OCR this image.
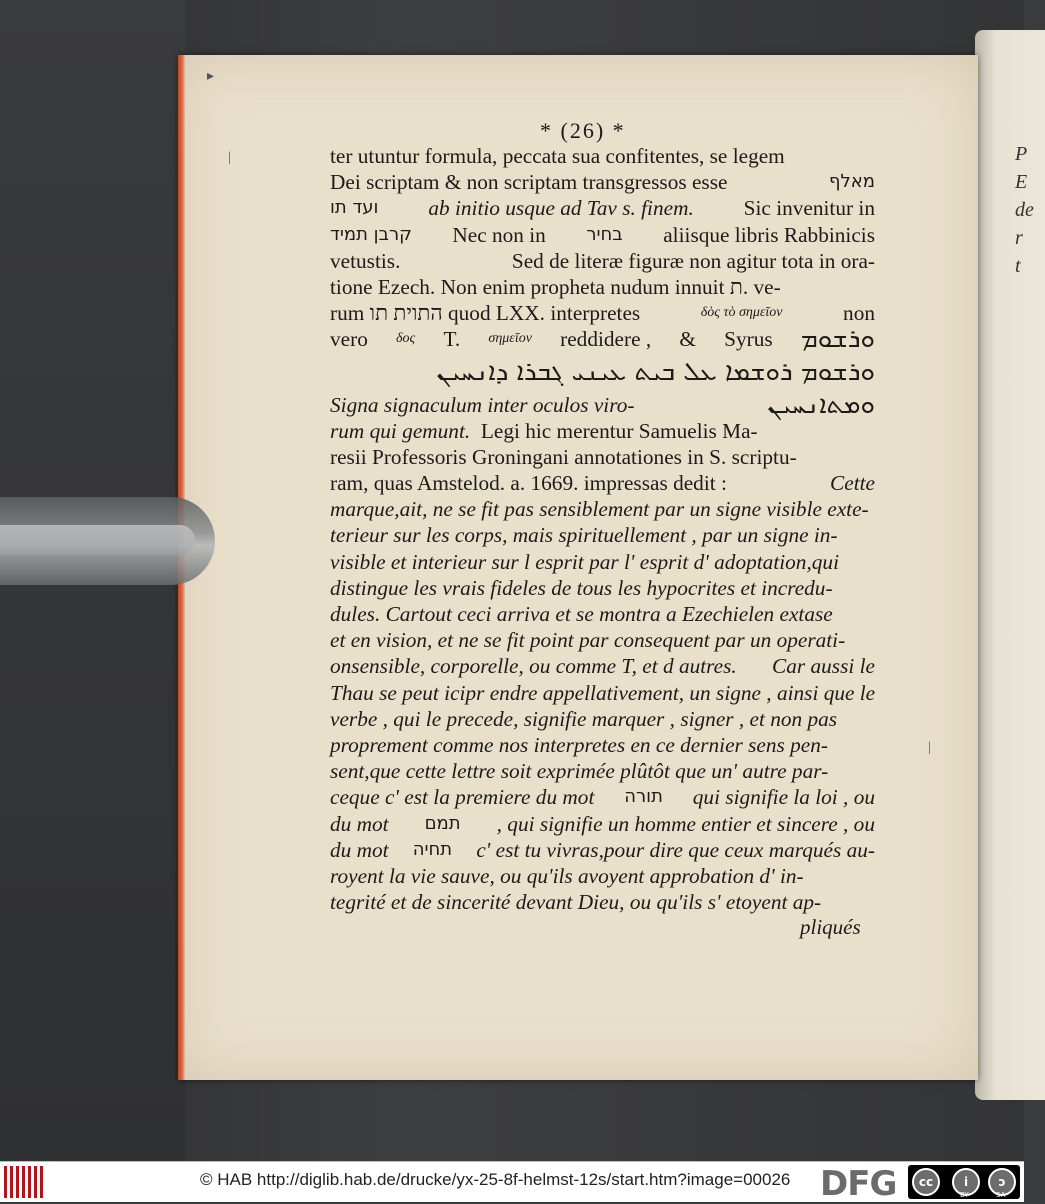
P
E
de
r
t
▸
|
|
* (26) *
ter utuntur formula, peccata sua confitentes, se legem
Dei scriptam & non scriptam transgressos esse	מאלף
ועד תו ab initio usque ad Tav s. finem. Sic invenitur in
קרבן תמיד Nec non in בחיר aliisque libris Rabbinicis
vetustis.	Sed de literæ figuræ non agitur tota in ora-
tione Ezech. Non enim propheta nudum innuit ת. ve-
rum התוית תו quod LXX. interpretes	δὸς τὸ σημεῖον	non
vero δος T. σημεῖον reddidere , & Syrus ܘܪܫܘܡ
ܘܪܫܘܡ ܪܘܫܡܐ ܥܠ ܒܝܬ ܥܝܢܝ ܓܒܪܐ ܕܐܢܚܝܢ
Signa signaculum inter oculos viro-	ܘܡܬܐܢܚܝܢ
rum qui gemunt. Legi hic merentur Samuelis Ma-
resii Professoris Groningani annotationes in S. scriptu-
ram, quas Amstelod. a. 1669. impressas dedit :	Cette
marque,ait, ne se fit pas sensiblement par un signe visible exte-
terieur sur les corps, mais spirituellement , par un signe in-
visible et interieur sur l esprit par l' esprit d' adoptation,qui
distingue les vrais fideles de tous les hypocrites et incredu-
dules. Cartout ceci arriva et se montra a Ezechielen extase
et en vision, et ne se fit point par consequent par un operati-
onsensible, corporelle, ou comme T, et d autres. Car aussi le
Thau se peut icipr endre appellativement, un signe , ainsi que le
verbe , qui le precede, signifie marquer , signer , et non pas
proprement comme nos interpretes en ce dernier sens pen-
sent,que cette lettre soit exprimée plûtôt que un' autre par-
ceque c' est la premiere du mot תורה qui signifie la loi , ou
du mot תמם , qui signifie un homme entier et sincere , ou
du mot תחיה c' est tu vivras,pour dire que ceux marqués au-
royent la vie sauve, ou qu'ils avoyent approbation d' in-
tegrité et de sincerité devant Dieu, ou qu'ils s' etoyent ap-
pliqués
© HAB http://diglib.hab.de/drucke/yx-25-8f-helmst-12s/start.htm?image=00026 DFG	cc	i	ↄ
BY	SA
